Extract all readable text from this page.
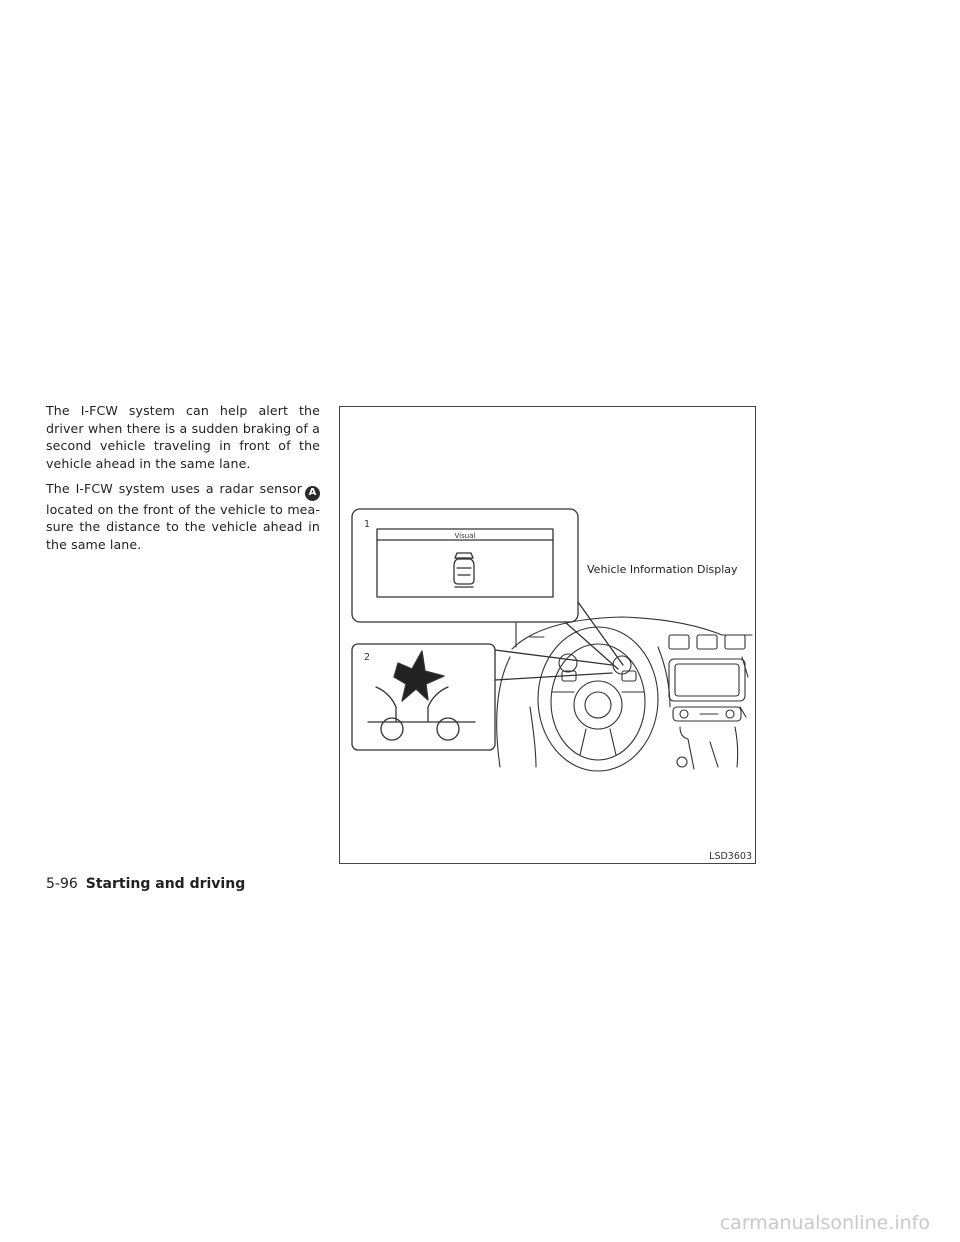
The I-FCW system can help alert the driver when there is a sudden braking of a second vehicle traveling in front of the vehicle ahead in the same lane.

The I-FCW system uses a radar sensor A located on the front of the vehicle to mea-sure the distance to the vehicle ahead in the same lane.

1
2
Visual
Vehicle Information Display
LSD3603
5-96 Starting and driving
carmanualsonline.info
